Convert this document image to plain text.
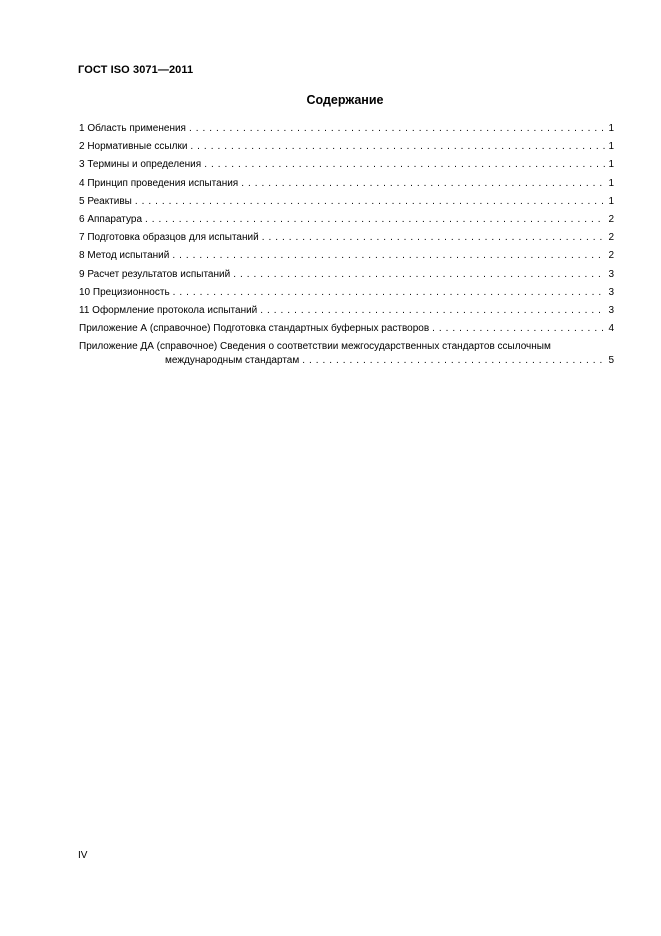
ГОСТ ISO 3071—2011
Содержание
1 Область применения . . .	1
2 Нормативные ссылки . . .	1
3 Термины и определения . . .	1
4 Принцип проведения испытания . . .	1
5 Реактивы . . .	1
6 Аппаратура . . .	2
7 Подготовка образцов для испытаний . . .	2
8 Метод испытаний . . .	2
9 Расчет результатов испытаний . . .	3
10 Прецизионность . . .	3
11 Оформление протокола испытаний . . .	3
Приложение А (справочное) Подготовка стандартных буферных растворов . . .	4
Приложение ДА (справочное) Сведения о соответствии межгосударственных стандартов ссылочным
международным стандартам . . .	5
IV
